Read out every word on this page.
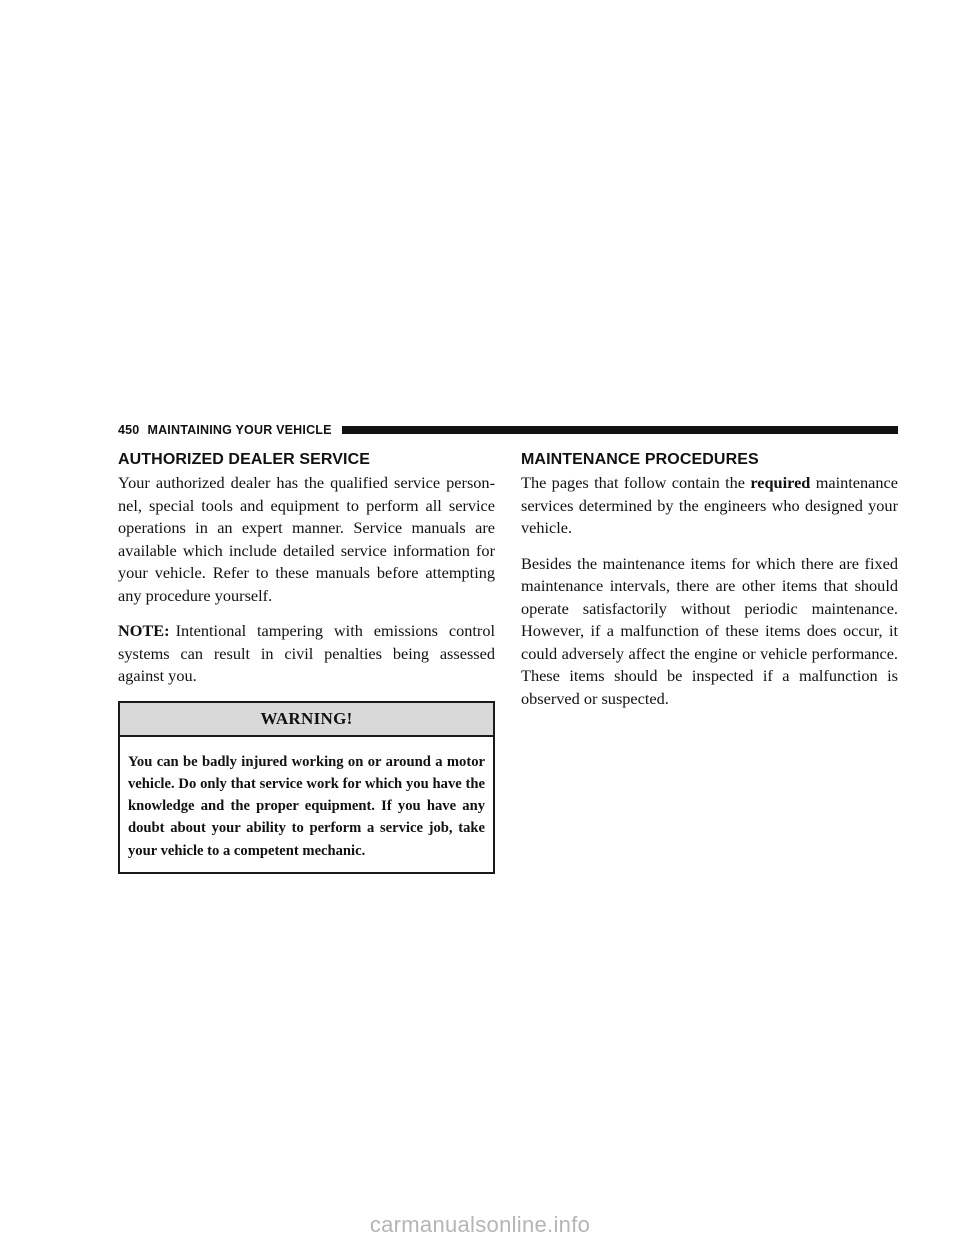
450 MAINTAINING YOUR VEHICLE
AUTHORIZED DEALER SERVICE

Your authorized dealer has the qualified service person- nel, special tools and equipment to perform all service operations in an expert manner. Service manuals are available which include detailed service information for your vehicle. Refer to these manuals before attempting any procedure yourself.

NOTE: Intentional tampering with emissions control systems can result in civil penalties being assessed against you.

WARNING!
You can be badly injured working on or around a motor vehicle. Do only that service work for which you have the knowledge and the proper equipment. If you have any doubt about your ability to perform a service job, take your vehicle to a competent mechanic.
MAINTENANCE PROCEDURES

The pages that follow contain the required maintenance services determined by the engineers who designed your vehicle.

Besides the maintenance items for which there are fixed maintenance intervals, there are other items that should operate satisfactorily without periodic maintenance. However, if a malfunction of these items does occur, it could adversely affect the engine or vehicle performance. These items should be inspected if a malfunction is observed or suspected.

carmanualsonline.info
